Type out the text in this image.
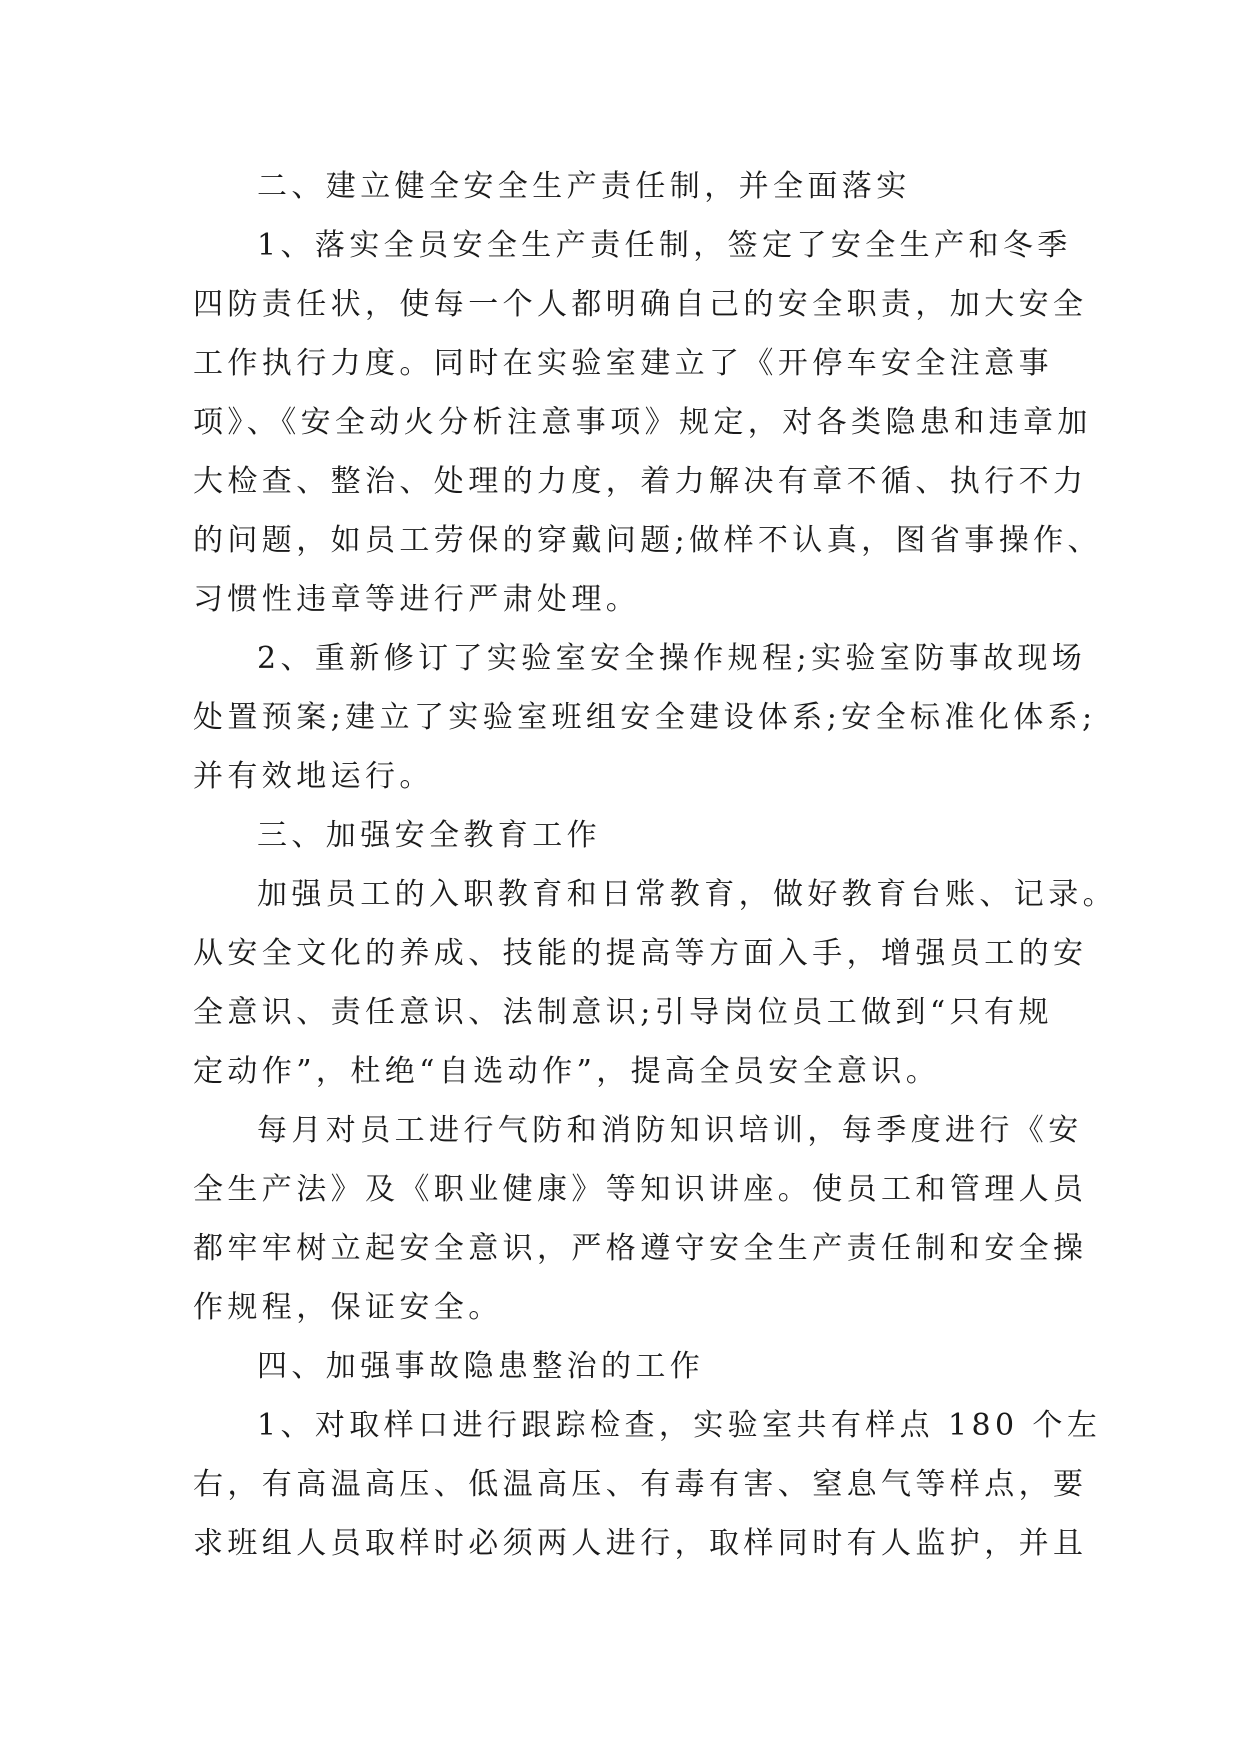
二、建立健全安全生产责任制，并全面落实
1、落实全员安全生产责任制，签定了安全生产和冬季
四防责任状，使每一个人都明确自己的安全职责，加大安全
工作执行力度。同时在实验室建立了《开停车安全注意事
项》、《安全动火分析注意事项》规定，对各类隐患和违章加
大检查、整治、处理的力度，着力解决有章不循、执行不力
的问题，如员工劳保的穿戴问题;做样不认真，图省事操作、
习惯性违章等进行严肃处理。
2、重新修订了实验室安全操作规程;实验室防事故现场
处置预案;建立了实验室班组安全建设体系;安全标准化体系;
并有效地运行。
三、加强安全教育工作
加强员工的入职教育和日常教育，做好教育台账、记录。
从安全文化的养成、技能的提高等方面入手，增强员工的安
全意识、责任意识、法制意识;引导岗位员工做到“只有规
定动作”，杜绝“自选动作”，提高全员安全意识。
每月对员工进行气防和消防知识培训，每季度进行《安
全生产法》及《职业健康》等知识讲座。使员工和管理人员
都牢牢树立起安全意识，严格遵守安全生产责任制和安全操
作规程，保证安全。
四、加强事故隐患整治的工作
1、对取样口进行跟踪检查，实验室共有样点 180 个左
右，有高温高压、低温高压、有毒有害、窒息气等样点，要
求班组人员取样时必须两人进行，取样同时有人监护，并且
